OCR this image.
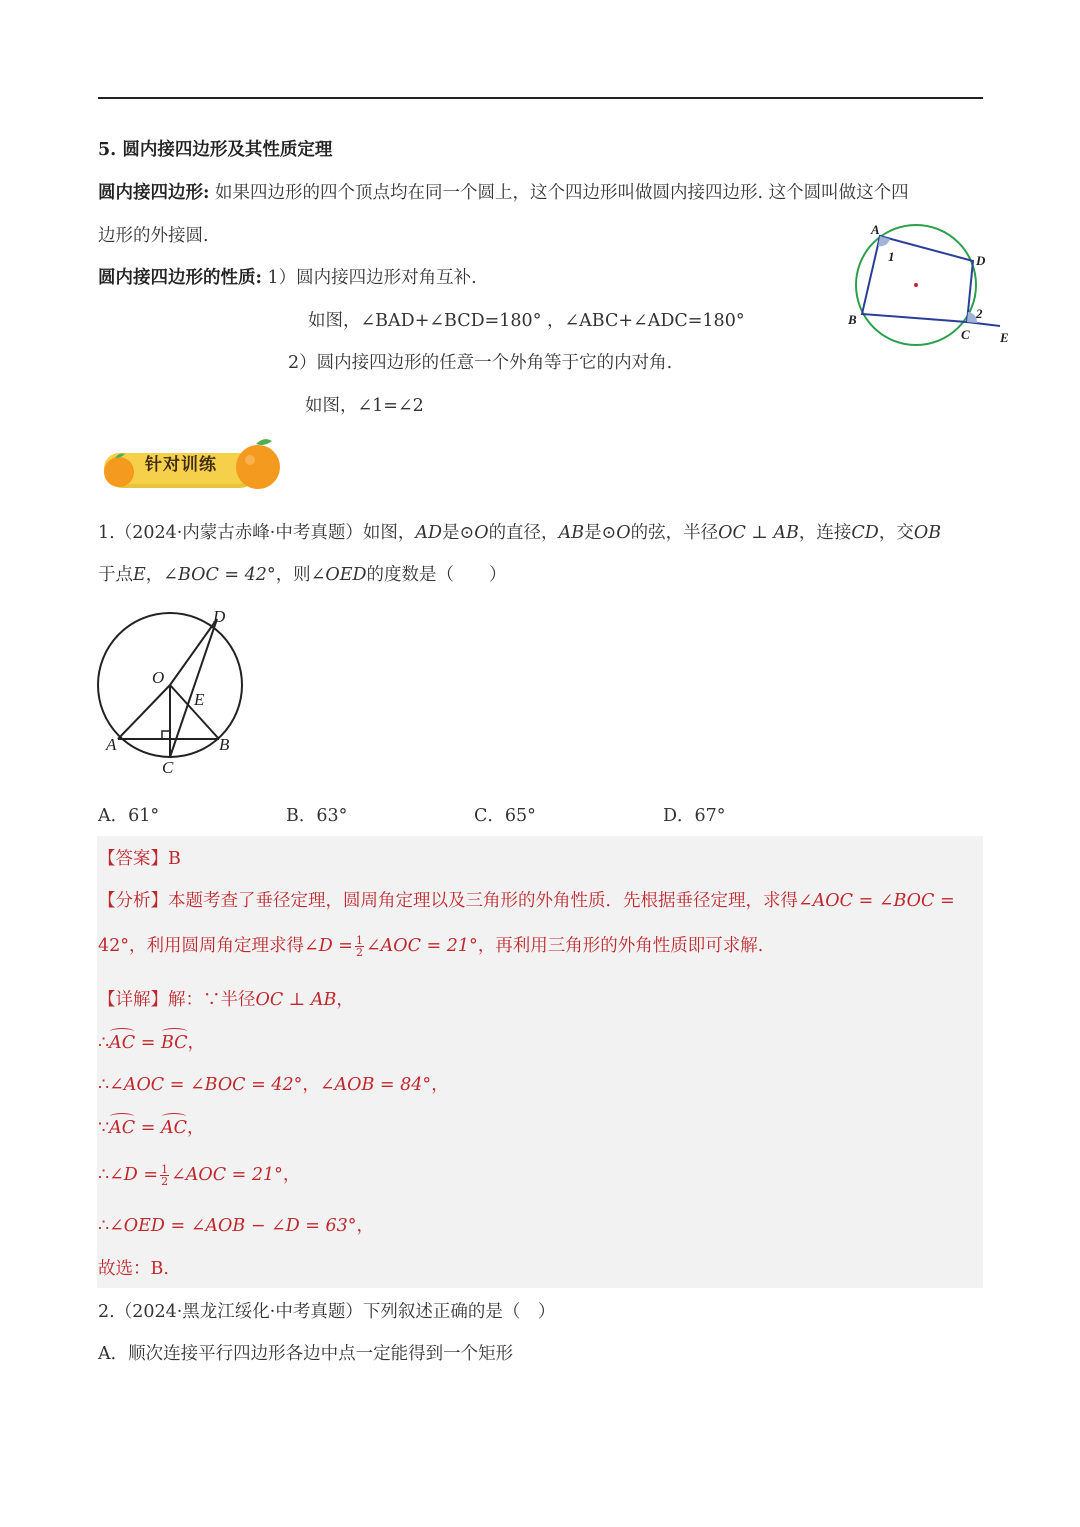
5. 圆内接四边形及其性质定理
圆内接四边形: 如果四边形的四个顶点均在同一个圆上，这个四边形叫做圆内接四边形. 这个圆叫做这个四
边形的外接圆.
圆内接四边形的性质: 1）圆内接四边形对角互补.
如图，∠BAD+∠BCD=180° ，∠ABC+∠ADC=180°
2）圆内接四边形的任意一个外角等于它的内对角.
如图，∠1=∠2
A
D
B
C E
1
2
针对训练
1.（2024·内蒙古赤峰·中考真题）如图，AD是⊙O的直径，AB是⊙O的弦，半径OC ⊥ AB，连接CD，交OB
于点E，∠BOC = 42°，则∠OED的度数是（　　）
D
O
E
A	B
C
A．61°	B．63°	C．65°	D．67°
【答案】B
【分析】本题考查了垂径定理，圆周角定理以及三角形的外角性质．先根据垂径定理，求得∠AOC = ∠BOC =
42°，利用圆周角定理求得∠D = $\frac{1}{2}$ ∠AOC = 21°，再利用三角形的外角性质即可求解.
【详解】解：∵半径OC ⊥ AB，
∴AC = BC，
∴∠AOC = ∠BOC = 42°，∠AOB = 84°，
∵AC = AC，
∴∠D = $\frac{1}{2}$ ∠AOC = 21°，
∴∠OED = ∠AOB − ∠D = 63°，
故选：B.
2.（2024·黑龙江绥化·中考真题）下列叙述正确的是（　）
A．顺次连接平行四边形各边中点一定能得到一个矩形
